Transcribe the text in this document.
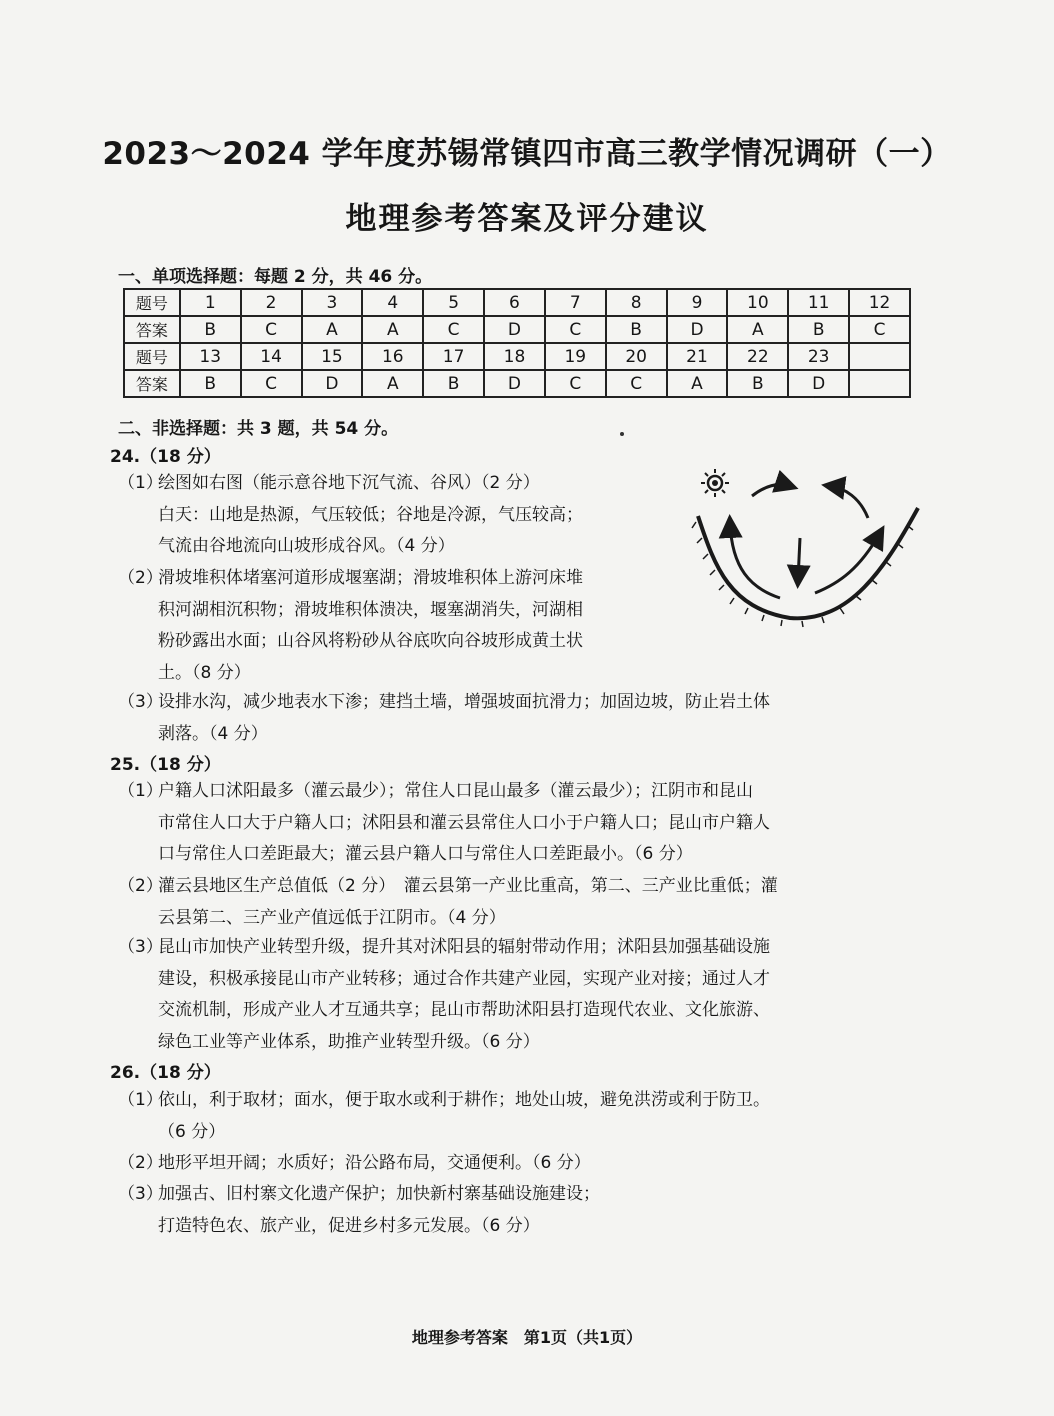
2023～2024 学年度苏锡常镇四市高三教学情况调研（一）
地理参考答案及评分建议
一、单项选择题：每题 2 分，共 46 分。
题号	1	2	3	4	5	6	7	8	9	10	11	12
答案	B	C	A	A	C	D	C	B	D	A	B	C
题号	13	14	15	16	17	18	19	20	21	22	23	
答案	B	C	D	A	B	D	C	C	A	B	D	
二、非选择题：共 3 题，共 54 分。
24.（18 分）
（1）
绘图如右图（能示意谷地下沉气流、谷风）（2 分）
白天：山地是热源，气压较低；谷地是冷源，气压较高；
气流由谷地流向山坡形成谷风。（4 分）
（2）
滑坡堆积体堵塞河道形成堰塞湖；滑坡堆积体上游河床堆
积河湖相沉积物；滑坡堆积体溃决，堰塞湖消失，河湖相
粉砂露出水面；山谷风将粉砂从谷底吹向谷坡形成黄土状
土。（8 分）
（3）
设排水沟，减少地表水下渗；建挡土墙，增强坡面抗滑力；加固边坡，防止岩土体
剥落。（4 分）
25.（18 分）
（1）
户籍人口沭阳最多（灌云最少）；常住人口昆山最多（灌云最少）；江阴市和昆山
市常住人口大于户籍人口；沭阳县和灌云县常住人口小于户籍人口；昆山市户籍人
口与常住人口差距最大；灌云县户籍人口与常住人口差距最小。（6 分）
（2）
灌云县地区生产总值低（2 分）　灌云县第一产业比重高，第二、三产业比重低；灌
云县第二、三产业产值远低于江阴市。（4 分）
（3）
昆山市加快产业转型升级，提升其对沭阳县的辐射带动作用；沭阳县加强基础设施
建设，积极承接昆山市产业转移；通过合作共建产业园，实现产业对接；通过人才
交流机制，形成产业人才互通共享；昆山市帮助沭阳县打造现代农业、文化旅游、
绿色工业等产业体系，助推产业转型升级。（6 分）
26.（18 分）
（1）
依山，利于取材；面水，便于取水或利于耕作；地处山坡，避免洪涝或利于防卫。
（6 分）
（2）
地形平坦开阔；水质好；沿公路布局，交通便利。（6 分）
（3）
加强古、旧村寨文化遗产保护；加快新村寨基础设施建设；
打造特色农、旅产业，促进乡村多元发展。（6 分）
地理参考答案　第1页（共1页）
